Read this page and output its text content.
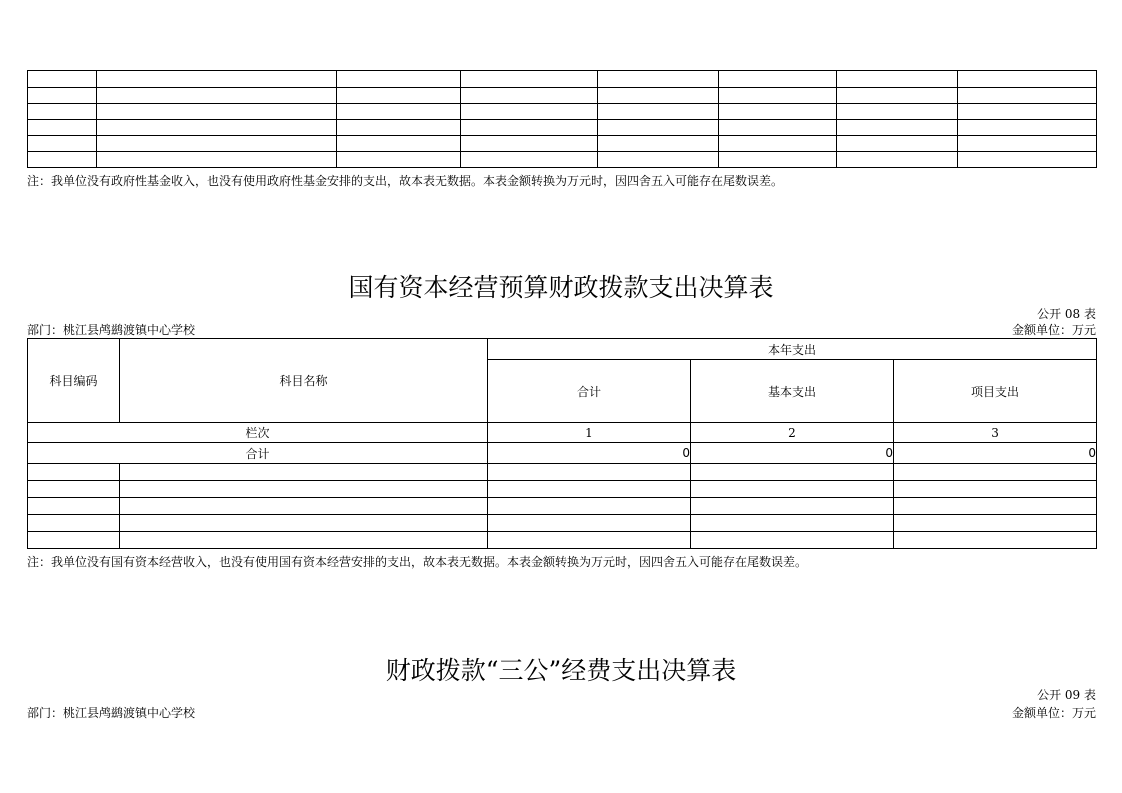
注：我单位没有政府性基金收入，也没有使用政府性基金安排的支出，故本表无数据。本表金额转换为万元时，因四舍五入可能存在尾数误差。
国有资本经营预算财政拨款支出决算表
公开 08 表
部门：桃江县鸬鹚渡镇中心学校	金额单位：万元
科目编码	科目名称	本年支出		
		合计	基本支出	项目支出
栏次		1	2	3
合计		0	0	0

注：我单位没有国有资本经营收入，也没有使用国有资本经营安排的支出，故本表无数据。本表金额转换为万元时，因四舍五入可能存在尾数误差。
财政拨款“三公”经费支出决算表
公开 09 表
部门：桃江县鸬鹚渡镇中心学校	金额单位：万元
